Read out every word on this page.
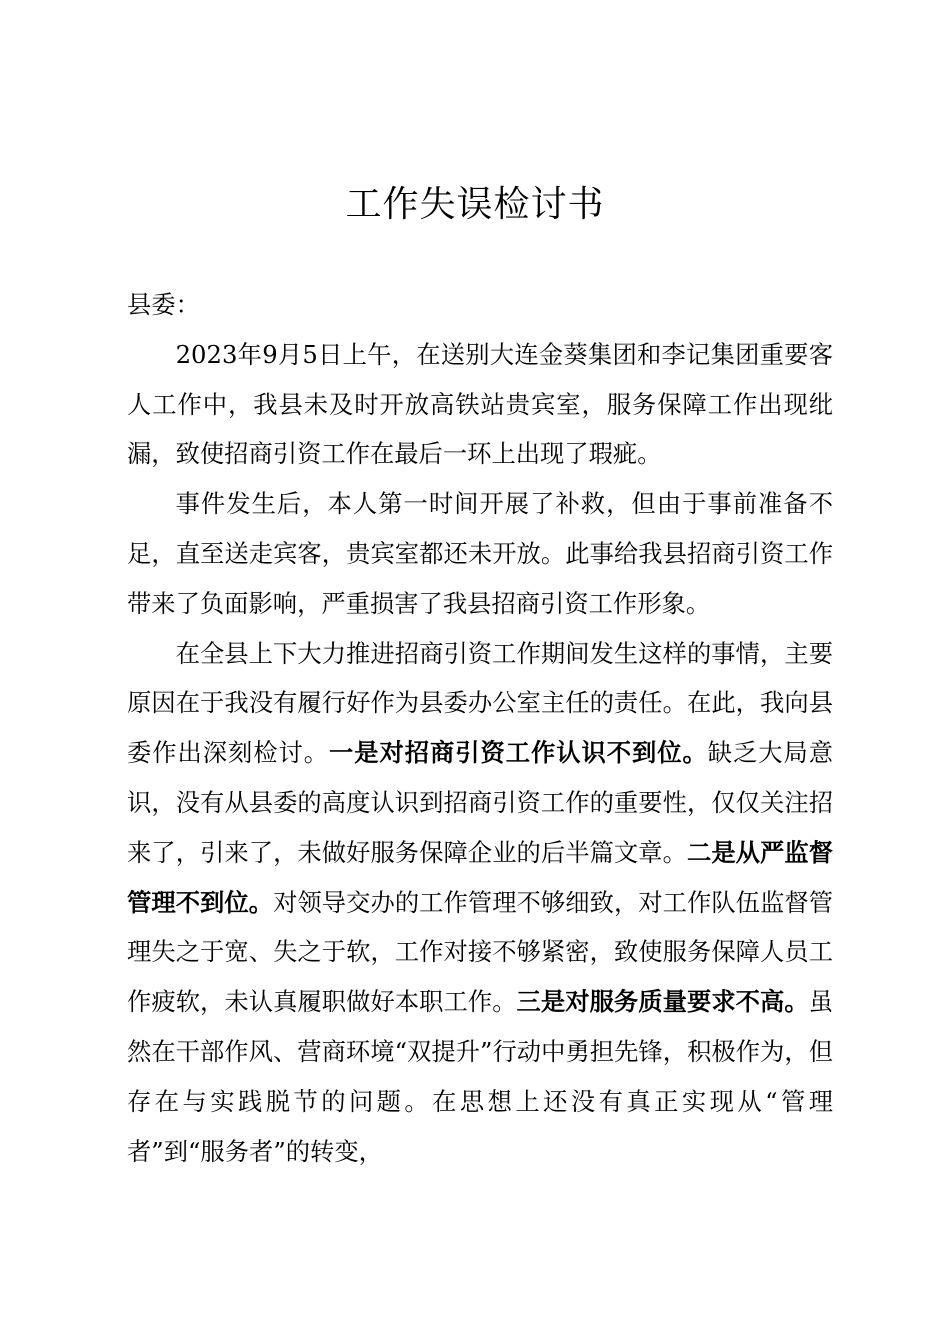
工作失误检讨书

县委：

2023年9月5日上午，在送别大连金葵集团和李记集团重要客人工作中，我县未及时开放高铁站贵宾室，服务保障工作出现纰漏，致使招商引资工作在最后一环上出现了瑕疵。

事件发生后，本人第一时间开展了补救，但由于事前准备不足，直至送走宾客，贵宾室都还未开放。此事给我县招商引资工作带来了负面影响，严重损害了我县招商引资工作形象。

在全县上下大力推进招商引资工作期间发生这样的事情，主要原因在于我没有履行好作为县委办公室主任的责任。在此，我向县委作出深刻检讨。一是对招商引资工作认识不到位。缺乏大局意识，没有从县委的高度认识到招商引资工作的重要性，仅仅关注招来了，引来了，未做好服务保障企业的后半篇文章。二是从严监督管理不到位。对领导交办的工作管理不够细致，对工作队伍监督管理失之于宽、失之于软，工作对接不够紧密，致使服务保障人员工作疲软，未认真履职做好本职工作。三是对服务质量要求不高。虽然在干部作风、营商环境“双提升”行动中勇担先锋，积极作为，但存在与实践脱节的问题。在思想上还没有真正实现从“管理者”到“服务者”的转变，
